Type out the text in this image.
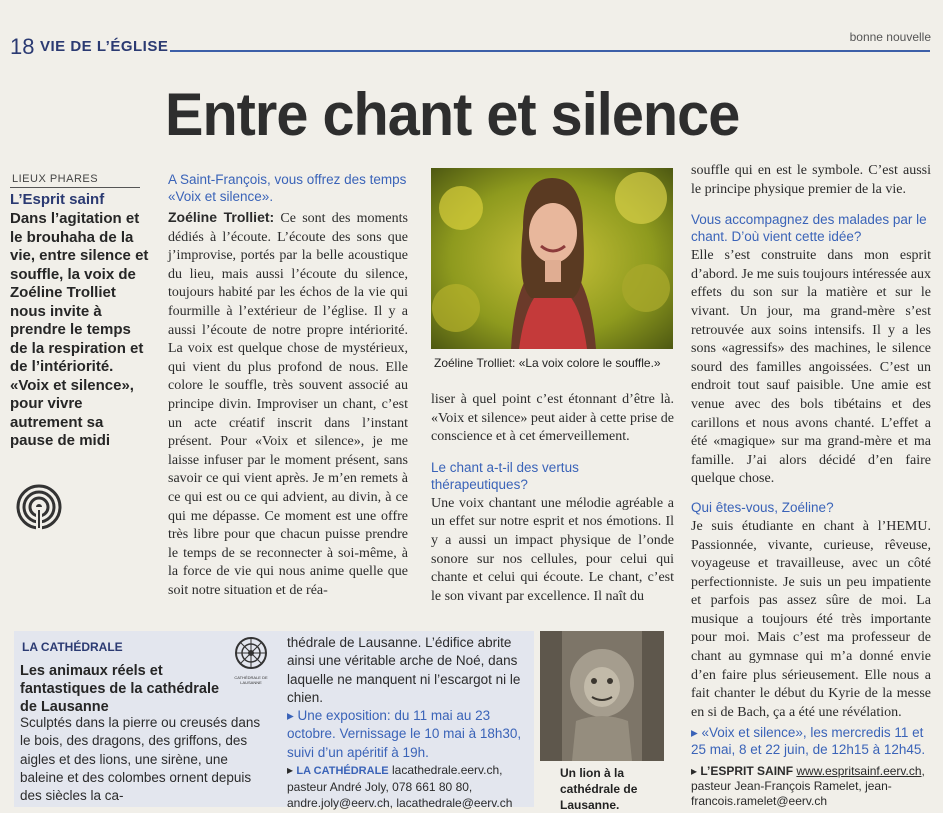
18 VIE DE L’ÉGLISE
bonne nouvelle
Entre chant et silence
LIEUX PHARES
L’Esprit sainf
Dans l’agitation et le brouhaha de la vie, entre silence et souffle, la voix de Zoéline Trolliet nous invite à prendre le temps de la respiration et de l’intériorité. «Voix et silence», pour vivre autrement sa pause de midi
A Saint-François, vous offrez des temps «Voix et silence».
Zoéline Trolliet: Ce sont des moments dédiés à l’écoute. L’écoute des sons que j’improvise, portés par la belle acoustique du lieu, mais aussi l’écoute du silence, toujours habité par les échos de la vie qui fourmille à l’extérieur de l’église. Il y a aussi l’écoute de notre propre intériorité. La voix est quelque chose de mystérieux, qui vient du plus profond de nous. Elle colore le souffle, très souvent associé au principe divin. Improviser un chant, c’est un acte créatif inscrit dans l’instant présent. Pour «Voix et silence», je me laisse infuser par le moment présent, sans savoir ce qui vient après. Je m’en remets à ce qui est ou ce qui advient, au divin, à ce qui me dépasse. Ce moment est une offre très libre pour que chacun puisse prendre le temps de se reconnecter à soi-même, à la force de vie qui nous anime quelle que soit notre situation et de réa-
Zoéline Trolliet: «La voix colore le souffle.»
liser à quel point c’est étonnant d’être là. «Voix et silence» peut aider à cette prise de conscience et à cet émerveillement.
Le chant a-t-il des vertus thérapeutiques?
Une voix chantant une mélodie agréable a un effet sur notre esprit et nos émotions. Il y a aussi un impact physique de l’onde sonore sur nos cellules, pour celui qui chante et celui qui écoute. Le chant, c’est le son vivant par excellence. Il naît du
souffle qui en est le symbole. C’est aussi le principe physique premier de la vie.
Vous accompagnez des malades par le chant. D’où vient cette idée?
Elle s’est construite dans mon esprit d’abord. Je me suis toujours intéressée aux effets du son sur la matière et sur le vivant. Un jour, ma grand-mère s’est retrouvée aux soins intensifs. Il y a les sons «agressifs» des machines, le silence sourd des familles angoissées. C’est un endroit tout sauf paisible. Une amie est venue avec des bols tibétains et des carillons et nous avons chanté. L’effet a été «magique» sur ma grand-mère et ma famille. J’ai alors décidé d’en faire quelque chose.
Qui êtes-vous, Zoéline?
Je suis étudiante en chant à l’HEMU. Passionnée, vivante, curieuse, rêveuse, voyageuse et travailleuse, avec un côté perfectionniste. Je suis un peu impatiente et parfois pas assez sûre de moi. La musique a toujours été très importante pour moi. Mais c’est ma professeur de chant au gymnase qui m’a donné envie d’en faire plus sérieusement. Elle nous a fait chanter le début du Kyrie de la messe en si de Bach, ça a été une révélation.
▸ «Voix et silence», les mercredis 11 et 25 mai, 8 et 22 juin, de 12h15 à 12h45.
▸ L’ESPRIT SAINF www.espritsainf.eerv.ch, pasteur Jean-François Ramelet, jean-francois.ramelet@eerv.ch
LA CATHÉDRALE
Les animaux réels et fantastiques de la cathédrale de Lausanne
Sculptés dans la pierre ou creusés dans le bois, des dragons, des griffons, des aigles et des lions, une sirène, une baleine et des colombes ornent depuis des siècles la ca-
CATHÉDRALE DE LAUSANNE
thédrale de Lausanne. L’édifice abrite ainsi une véritable arche de Noé, dans laquelle ne manquent ni l’escargot ni le chien.
▸ Une exposition: du 11 mai au 23 octobre. Vernissage le 10 mai à 18h30, suivi d’un apéritif à 19h.
▸ LA CATHÉDRALE lacathedrale.eerv.ch, pasteur André Joly, 078 661 80 80, andre.joly@eerv.ch, lacathedrale@eerv.ch
Un lion à la cathédrale de Lausanne.
